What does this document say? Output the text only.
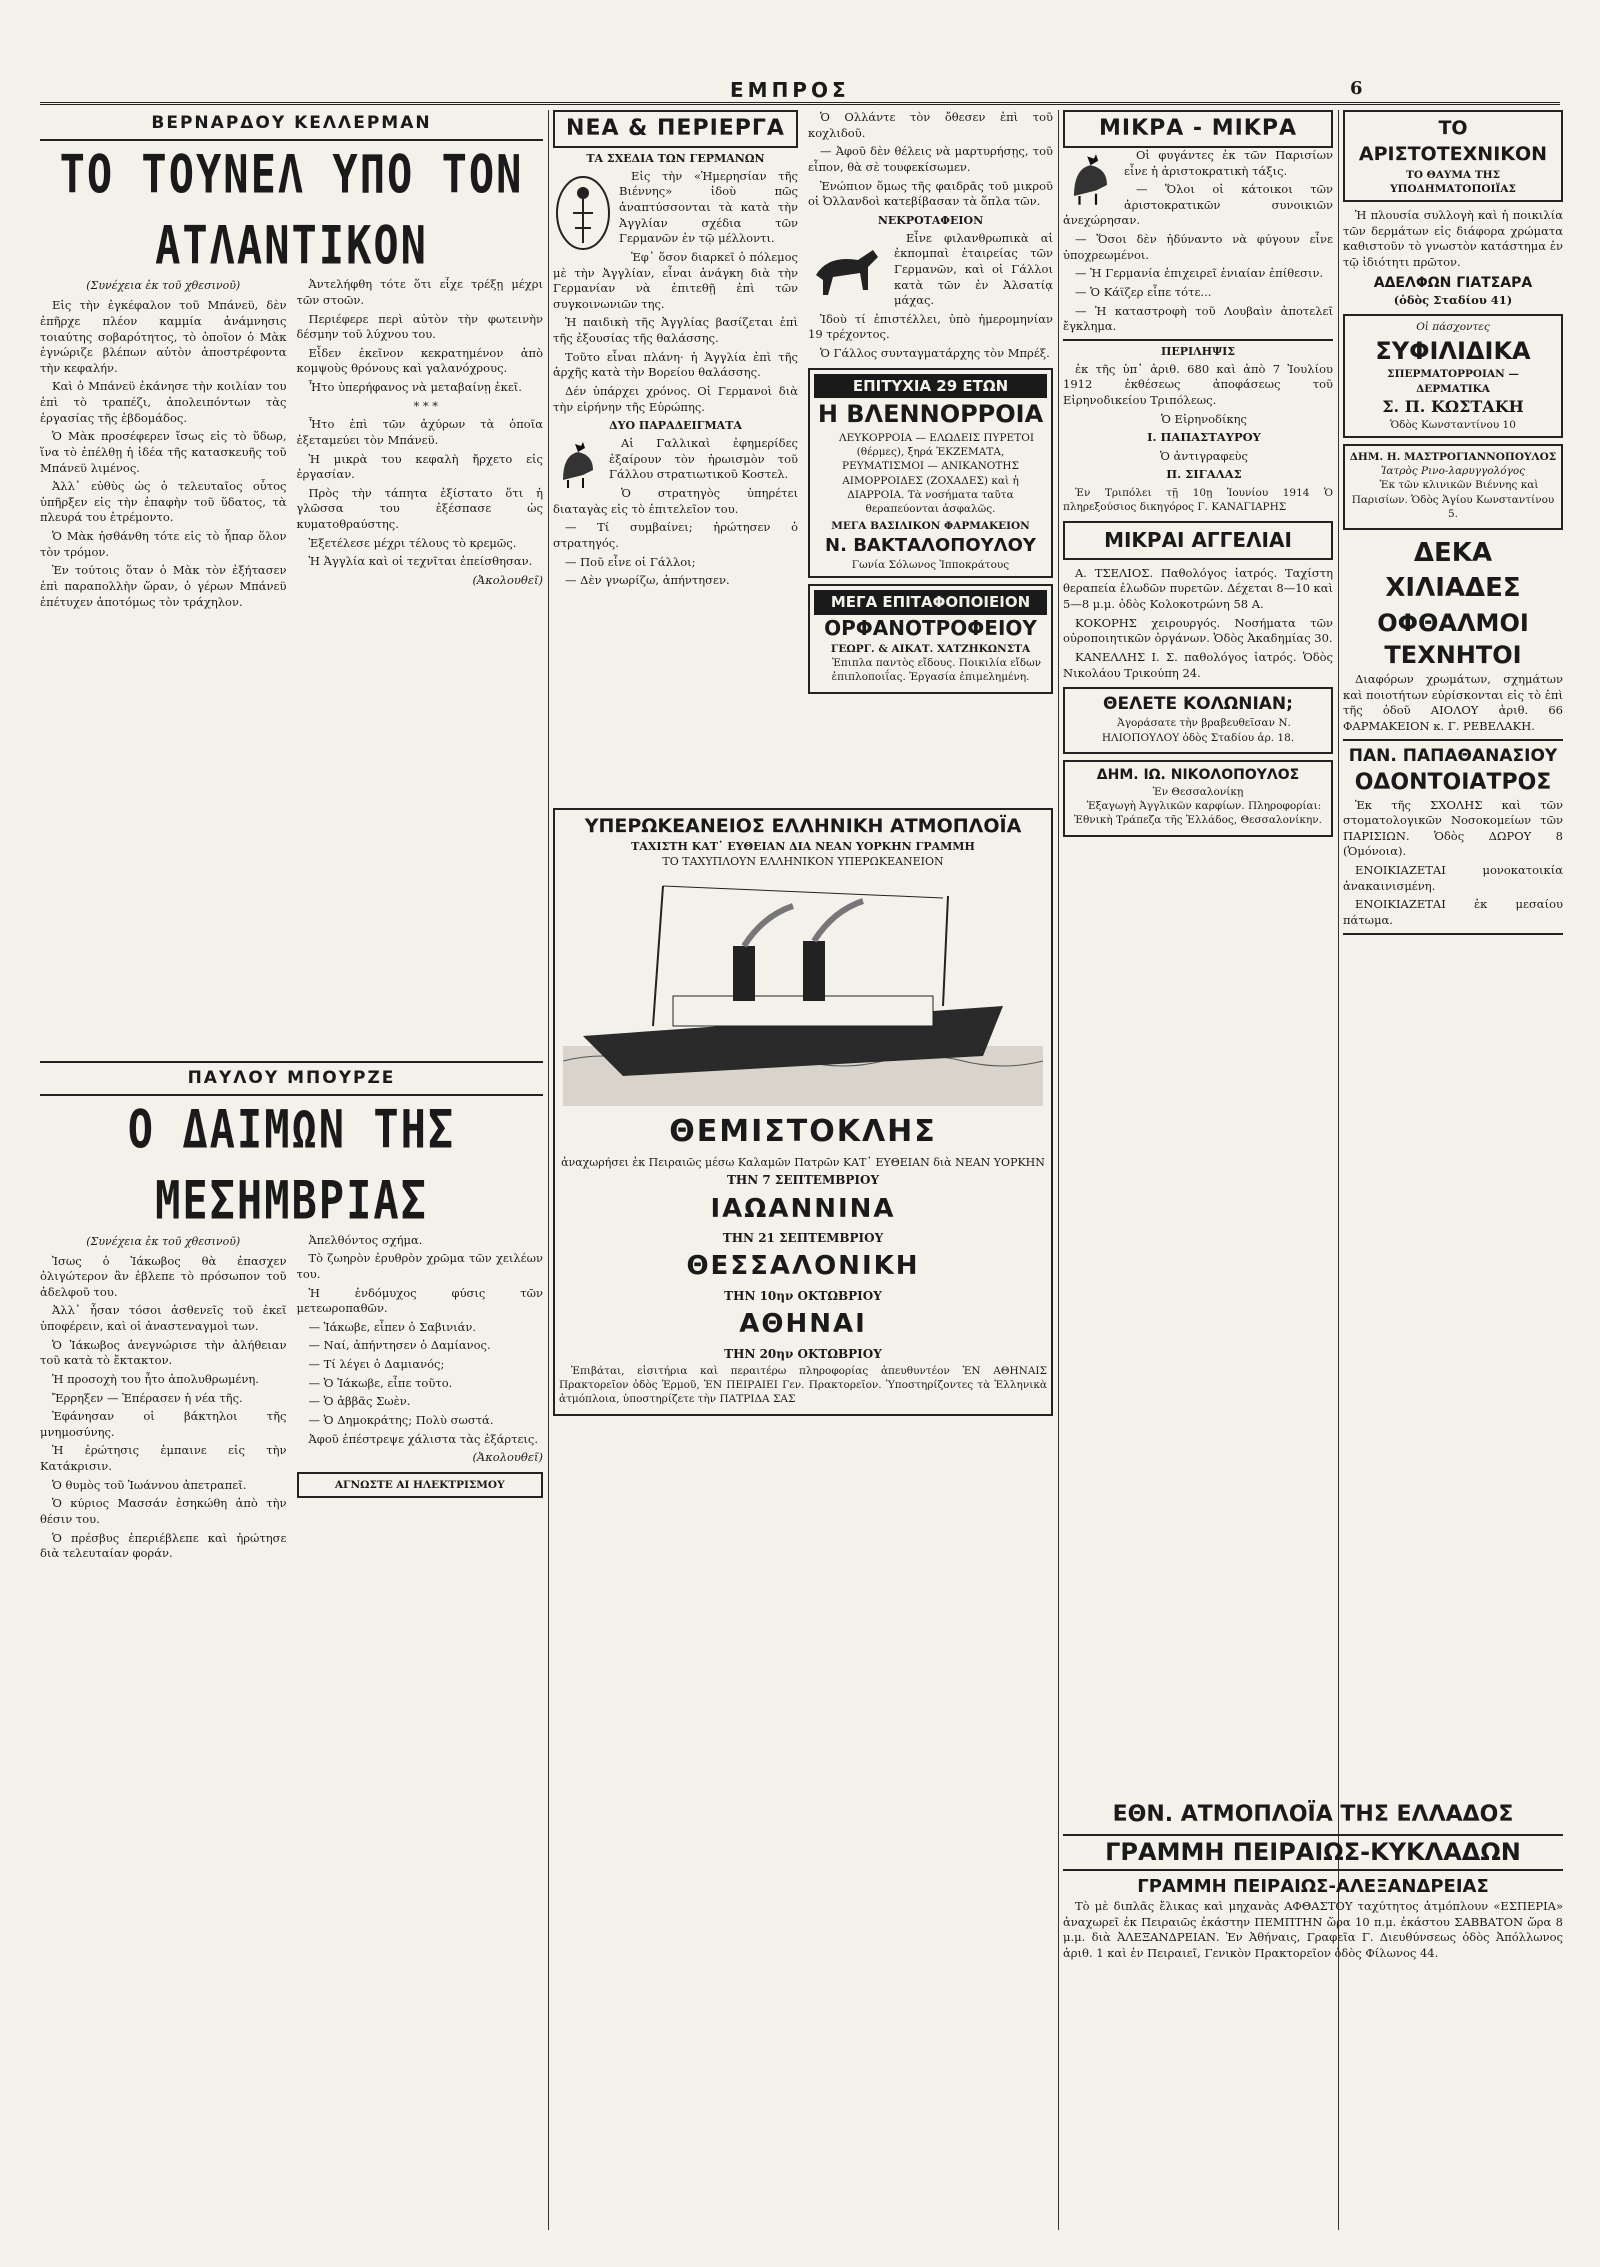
ΕΜΠΡΟΣ	6
ΒΕΡΝΑΡΔΟΥ ΚΕΛΛΕΡΜΑΝ
ΤΟ ΤΟΥΝΕΛ ΥΠΟ ΤΟΝ ΑΤΛΑΝΤΙΚΟΝ
(Συνέχεια ἐκ τοῦ χθεσινοῦ)

Εἰς τὴν ἐγκέφαλον τοῦ Μπάνεϋ, δὲν ἐπῆρχε πλέον καμμία ἀνάμνησις τοιαύτης σοβαρότητος, τὸ ὁποῖον ὁ Μὰκ ἐγνώριζε βλέπων αὐτὸν ἀποστρέφοντα τὴν κεφαλήν.

Καὶ ὁ Μπάνεϋ ἐκάνησε τὴν κοιλίαν του ἐπὶ τὸ τραπέζι, ἀπολειπόντων τὰς ἐργασίας τῆς ἑβδομάδος.

Ὁ Μὰκ προσέφερεν ἴσως εἰς τὸ ὕδωρ, ἵνα τὸ ἐπέλθῃ ἡ ἰδέα τῆς κατασκευῆς τοῦ Μπάνεϋ λιμένος.

Ἀλλ᾽ εὐθὺς ὡς ὁ τελευταῖος οὗτος ὑπῆρξεν εἰς τὴν ἐπαφὴν τοῦ ὕδατος, τὰ πλευρά του ἐτρέμοντο.

Ὁ Μὰκ ἠσθάνθη τότε εἰς τὸ ἧπαρ ὅλον τὸν τρόμον.

Ἐν τούτοις ὅταν ὁ Μὰκ τὸν ἐξήτασεν ἐπὶ παραπολλὴν ὥραν, ὁ γέρων Μπάνεϋ ἐπέτυχεν ἀποτόμως τὸν τράχηλον.

Ἀντελήφθη τότε ὅτι εἶχε τρέξῃ μέχρι τῶν στοῶν.

Περιέφερε περὶ αὐτὸν τὴν φωτεινὴν δέσμην τοῦ λύχνου του.

Εἶδεν ἐκεῖνον κεκρατημένον ἀπὸ κομψοὺς θρόνους καὶ γαλανόχρους.

Ἦτο ὑπερήφανος νὰ μεταβαίνῃ ἐκεῖ.

* * *

Ἦτο ἐπὶ τῶν ἀχύρων τὰ ὁποῖα ἐξεταμεύει τὸν Μπάνεϋ.

Ἡ μικρὰ του κεφαλὴ ἤρχετο εἰς ἐργασίαν.

Πρὸς τὴν τάπητα ἐξίστατο ὅτι ἡ γλῶσσα του ἐξέσπασε ὡς κυματοθραύστης.

Ἐξετέλεσε μέχρι τέλους τὸ κρεμῶς.

Ἡ Ἀγγλία καὶ οἱ τεχνῖται ἐπείσθησαν.

(Ἀκολουθεῖ)

ΠΑΥΛΟΥ ΜΠΟΥΡΖΕ
Ο ΔΑΙΜΩΝ ΤΗΣ ΜΕΣΗΜΒΡΙΑΣ
(Συνέχεια ἐκ τοῦ χθεσινοῦ)

Ἰσως ὁ Ἰάκωβος θὰ ἐπασχεν ὀλιγώτερον ἂν ἐβλεπε τὸ πρόσωπον τοῦ ἀδελφοῦ του.

Ἀλλ᾽ ἦσαν τόσοι ἀσθενεῖς τοῦ ἐκεῖ ὑποφέρειν, καὶ οἱ ἀναστεναγμοὶ των.

Ὁ Ἰάκωβος ἀνεγνώρισε τὴν ἀλήθειαν τοῦ κατὰ τὸ ἔκτακτον.

Ἡ προσοχὴ του ἦτο ἀπολυθρωμένη.

Ἔρρηξεν — Ἐπέρασεν ἡ νέα τῆς.

Ἐφάνησαν οἱ βάκτηλοι τῆς μνημοσύνης.

Ἡ ἐρώτησις ἐμπαινε εἰς τὴν Κατάκρισιν.

Ὁ θυμὸς τοῦ Ἰωάννου ἀπετραπεῖ.

Ὁ κύριος Μασσάν ἐσηκώθη ἀπὸ τὴν θέσιν του.

Ὁ πρέσβυς ἐπεριέβλεπε καὶ ἠρώτησε διὰ τελευταίαν φοράν.

Ἀπελθόντος σχήμα.

Τὸ ζωηρὸν ἐρυθρὸν χρῶμα τῶν χειλέων του.

Ἡ ἐνδόμυχος φύσις τῶν μετεωροπαθῶν.

— Ἰάκωβε, εἶπεν ὁ Σαβινιάν.

— Ναί, ἀπήντησεν ὁ Δαμίανος.

— Τί λέγει ὁ Δαμιανός;

— Ὁ Ἰάκωβε, εἶπε τοῦτο.

— Ὁ ἀββᾶς Σωὲν.

— Ὁ Δημοκράτης; Πολὺ σωστά.

Ἀφοῦ ἐπέστρεψε χάλιστα τὰς ἐξάρτεις.

(Ἀκολουθεῖ)

ΑΓΝΩΣΤΕ ΑΙ ΗΛΕΚΤΡΙΣΜΟΥ
ΝΕΑ & ΠΕΡΙΕΡΓΑ
ΤΑ ΣΧΕΔΙΑ ΤΩΝ ΓΕΡΜΑΝΩΝ

Εἰς τὴν «Ἡμερησίαν τῆς Βιέννης» ἰδοὺ πῶς ἀναπτύσσονται τὰ κατὰ τὴν Ἀγγλίαν σχέδια τῶν Γερμανῶν ἐν τῷ μέλλοντι.

Ἐφ᾽ ὅσον διαρκεῖ ὁ πόλεμος μὲ τὴν Ἀγγλίαν, εἶναι ἀνάγκη διὰ τὴν Γερμανίαν νὰ ἐπιτεθῇ ἐπὶ τῶν συγκοινωνιῶν της.

Ἡ παιδικὴ τῆς Ἀγγλίας βασίζεται ἐπὶ τῆς ἐξουσίας τῆς θαλάσσης.

Τοῦτο εἶναι πλάνη· ἡ Ἀγγλία ἐπὶ τῆς ἀρχῆς κατὰ τὴν Βορείου θαλάσσης.

Δέν ὑπάρχει χρόνος. Οἱ Γερμανοὶ διὰ τὴν εἰρήνην τῆς Εὐρώπης.

ΔΥΟ ΠΑΡΑΔΕΙΓΜΑΤΑ

Αἱ Γαλλικαὶ ἐφημερίδες ἐξαίρουν τὸν ἡρωισμὸν τοῦ Γάλλου στρατιωτικοῦ Κοστελ.

Ὁ στρατηγὸς ὑπηρέτει διαταγὰς εἰς τὸ ἐπιτελεῖον του.

— Τί συμβαίνει; ἠρώτησεν ὁ στρατηγός.

— Ποῦ εἶνε οἱ Γάλλοι;

— Δὲν γνωρίζω, ἀπήντησεν.

Ὁ Ολλάντε τὸν ὄθεσεν ἐπὶ τοῦ κοχλιδοῦ.

— Ἀφοῦ δὲν θέλεις νὰ μαρτυρήσῃς, τοῦ εἶπον, θὰ σὲ τουφεκίσωμεν.

Ἐνώπιον ὅμως τῆς φαιδρᾶς τοῦ μικροῦ οἱ Ὀλλανδοὶ κατεβίβασαν τὰ ὅπλα τῶν.

ΝΕΚΡΟΤΑΦΕΙΟΝ

Εἶνε φιλανθρωπικὰ αἱ ἐκπομπαὶ ἑταιρείας τῶν Γερμανῶν, καὶ οἱ Γάλλοι κατὰ τῶν ἐν Ἀλσατίᾳ μάχας.

Ἰδοὺ τί ἐπιστέλλει, ὑπὸ ἡμερομηνίαν 19 τρέχοντος.

Ὁ Γάλλος συνταγματάρχης τὸν Μπρέξ.

ΕΠΙΤΥΧΙΑ 29 ΕΤΩΝ
Η ΒΛΕΝΝΟΡΡΟΙΑ

ΛΕΥΚΟΡΡΟΙΑ — ΕΛΩΔΕΙΣ ΠΥΡΕΤΟΙ (θέρμες), ξηρά ἘΚΖΕΜΑΤΑ, ΡΕΥΜΑΤΙΣΜΟΙ — ΑΝΙΚΑΝΟΤΗΣ ΑΙΜΟΡΡΟΙΔΕΣ (ΖΟΧΑΔΕΣ) καὶ ἡ ΔΙΑΡΡΟΙΑ. Τὰ νοσήματα ταῦτα θεραπεύονται ἀσφαλῶς.

ΜΕΓΑ ΒΑΣΙΛΙΚΟΝ ΦΑΡΜΑΚΕΙΟΝ
Ν. ΒΑΚΤΑΛΟΠΟΥΛΟΥ
Γωνία Σόλωνος Ἱπποκράτους
ΜΕΓΑ ΕΠΙΤΑΦΟΠΟΙΕΙΟΝ
ΟΡΦΑΝΟΤΡΟΦΕΙΟΥ
ΓΕΩΡΓ. & ΑΙΚΑΤ. ΧΑΤΖΗΚΩΝΣΤΑ

Ἐπιπλα παντὸς εἴδους. Ποικιλία εἴδων ἐπιπλοποιΐας. Ἐργασία ἐπιμελημένη.

ΥΠΕΡΩΚΕΑΝΕΙΟΣ ΕΛΛΗΝΙΚΗ ΑΤΜΟΠΛΟΪΑ
ΤΑΧΙΣΤΗ ΚΑΤ᾽ ΕΥΘΕΙΑΝ ΔΙΑ ΝΕΑΝ ΥΟΡΚΗΝ ΓΡΑΜΜΗ
ΤΟ ΤΑΧΥΠΛΟΥΝ ΕΛΛΗΝΙΚΟΝ ΥΠΕΡΩΚΕΑΝΕΙΟΝ
ΘΕΜΙΣΤΟΚΛΗΣ
ἀναχωρήσει ἐκ Πειραιῶς μέσω Καλαμῶν Πατρῶν ΚΑΤ᾽ ΕΥΘΕΙΑΝ διὰ ΝΕΑΝ ΥΟΡΚΗΝ
ΤΗΝ 7 ΣΕΠΤΕΜΒΡΙΟΥ
ΙΑΩΑΝΝΙΝΑ
ΤΗΝ 21 ΣΕΠΤΕΜΒΡΙΟΥ
ΘΕΣΣΑΛΟΝΙΚΗ
ΤΗΝ 10ην ΟΚΤΩΒΡΙΟΥ
ΑΘΗΝΑΙ
ΤΗΝ 20ην ΟΚΤΩΒΡΙΟΥ

Ἐπιβάται, εἰσιτήρια καὶ περαιτέρω πληροφορίας ἀπευθυντέον ἘΝ ΑΘΗΝΑΙΣ Πρακτορεῖον ὁδὸς Ἑρμοῦ, ἘΝ ΠΕΙΡΑΙΕΙ Γεν. Πρακτορεῖον. Ὑποστηρίζοντες τὰ Ἑλληνικὰ ἀτμόπλοια, ὑποστηρίζετε τὴν ΠΑΤΡΙΔΑ ΣΑΣ

ΜΙΚΡΑ - ΜΙΚΡΑ

Οἱ φυγάντες ἐκ τῶν Παρισίων εἶνε ἡ ἀριστοκρατικὴ τάξις.

— Ὅλοι οἱ κάτοικοι τῶν ἀριστοκρατικῶν συνοικιῶν ἀνεχώρησαν.

— Ὅσοι δὲν ἠδύναντο νὰ φύγουν εἶνε ὑποχρεωμένοι.

— Ἡ Γερμανία ἐπιχειρεῖ ἑνιαίαν ἐπίθεσιν.

— Ὁ Κάϊζερ εἶπε τότε...

— Ἡ καταστροφὴ τοῦ Λουβαὶν ἀποτελεῖ ἔγκλημα.

ΠΕΡΙΛΗΨΙΣ

ἐκ τῆς ὑπ᾽ ἀριθ. 680 καὶ ἀπὸ 7 Ἰουλίου 1912 ἐκθέσεως ἀποφάσεως τοῦ Εἰρηνοδικείου Τριπόλεως.

Ὁ Εἰρηνοδίκης

Ι. ΠΑΠΑΣΤΑΥΡΟΥ

Ὁ ἀντιγραφεὺς

Π. ΣΙΓΑΛΑΣ

Ἐν Τριπόλει τῇ 10ῃ Ἰουνίου 1914 Ὁ πληρεξούσιος δικηγόρος Γ. ΚΑΝΑΓΙΑΡΗΣ

ΜΙΚΡΑΙ ΑΓΓΕΛΙΑΙ

Α. ΤΣΕΛΙΟΣ. Παθολόγος ἰατρός. Ταχίστη θεραπεία ἐλωδῶν πυρετῶν. Δέχεται 8—10 καὶ 5—8 μ.μ. ὁδὸς Κολοκοτρώνη 58 Α.

ΚΟΚΟΡΗΣ χειρουργός. Νοσήματα τῶν οὐροποιητικῶν ὀργάνων. Ὁδὸς Ἀκαδημίας 30.

ΚΑΝΕΛΛΗΣ Ι. Σ. παθολόγος ἰατρός. Ὁδὸς Νικολάου Τρικούπη 24.

ΘΕΛΕΤΕ ΚΟΛΩΝΙΑΝ;

Ἀγοράσατε τὴν βραβευθεῖσαν Ν. ΗΛΙΟΠΟΥΛΟΥ ὁδὸς Σταδίου ἀρ. 18.

ΔΗΜ. ΙΩ. ΝΙΚΟΛΟΠΟΥΛΟΣ
Ἐν Θεσσαλονίκῃ

Ἐξαγωγὴ Ἀγγλικῶν καρφίων. Πληροφορίαι: Ἐθνικὴ Τράπεζα τῆς Ἑλλάδος, Θεσσαλονίκην.

ΤΟ ΑΡΙΣΤΟΤΕΧΝΙΚΟΝ
ΤΟ ΘΑΥΜΑ ΤΗΣ ΥΠΟΔΗΜΑΤΟΠΟΙΪΑΣ

Ἡ πλουσία συλλογὴ καὶ ἡ ποικιλία τῶν δερμάτων εἰς διάφορα χρώματα καθιστοῦν τὸ γνωστὸν κατάστημα ἐν τῷ ἰδιότητι πρῶτον.

ΑΔΕΛΦΩΝ ΓΙΑΤΣΑΡΑ
(ὁδὸς Σταδίου 41)
Οἱ πάσχοντες
ΣΥΦΙΛΙΔΙΚΑ
ΣΠΕΡΜΑΤΟΡΡΟΙΑΝ — ΔΕΡΜΑΤΙΚΑ
Σ. Π. ΚΩΣΤΑΚΗ
Ὁδὸς Κωνσταντίνου 10
ΔΗΜ. Η. ΜΑΣΤΡΟΓΙΑΝΝΟΠΟΥΛΟΣ
Ἰατρὸς Ρινο-λαρυγγολόγος

Ἐκ τῶν κλινικῶν Βιέννης καὶ Παρισίων. Ὁδὸς Ἁγίου Κωνσταντίνου 5.

ΔΕΚΑ ΧΙΛΙΑΔΕΣ
ΟΦΘΑΛΜΟΙ ΤΕΧΝΗΤΟΙ

Διαφόρων χρωμάτων, σχημάτων καὶ ποιοτήτων εὑρίσκονται εἰς τὸ ἐπὶ τῆς ὁδοῦ ΑΙΟΛΟΥ ἀριθ. 66 ΦΑΡΜΑΚΕΙΟΝ κ. Γ. ΡΕΒΕΛΑΚΗ.

ΠΑΝ. ΠΑΠΑΘΑΝΑΣΙΟΥ
ΟΔΟΝΤΟΙΑΤΡΟΣ

Ἐκ τῆς ΣΧΟΛΗΣ καὶ τῶν στοματολογικῶν Νοσοκομείων τῶν ΠΑΡΙΣΙΩΝ. Ὁδὸς ΔΩΡΟΥ 8 (Ὁμόνοια).

ΕΝΟΙΚΙΑΖΕΤΑΙ μονοκατοικία ἀνακαινισμένη.

ΕΝΟΙΚΙΑΖΕΤΑΙ ἐκ μεσαίου πάτωμα.

ΕΘΝ. ΑΤΜΟΠΛΟΪΑ ΤΗΣ ΕΛΛΑΔΟΣ
ΓΡΑΜΜΗ ΠΕΙΡΑΙΩΣ-ΚΥΚΛΑΔΩΝ
ΓΡΑΜΜΗ ΠΕΙΡΑΙΩΣ-ΑΛΕΞΑΝΔΡΕΙΑΣ

Τὸ μὲ διπλᾶς ἔλικας καὶ μηχανὰς ΑΦΘΑΣΤΟΥ ταχύτητος ἀτμόπλουν «ΕΣΠΕΡΙΑ» ἀναχωρεῖ ἐκ Πειραιῶς ἑκάστην ΠΕΜΠΤΗΝ ὥρα 10 π.μ. ἐκάστου ΣΑΒΒΑΤΟΝ ὥρα 8 μ.μ. διὰ ἈΛΕΞΑΝΔΡΕΙΑΝ. Ἐν Ἀθήναις, Γραφεῖα Γ. Διευθύνσεως ὁδὸς Ἀπόλλωνος ἀριθ. 1 καὶ ἐν Πειραιεῖ, Γενικὸν Πρακτορεῖον ὁδὸς Φίλωνος 44.
